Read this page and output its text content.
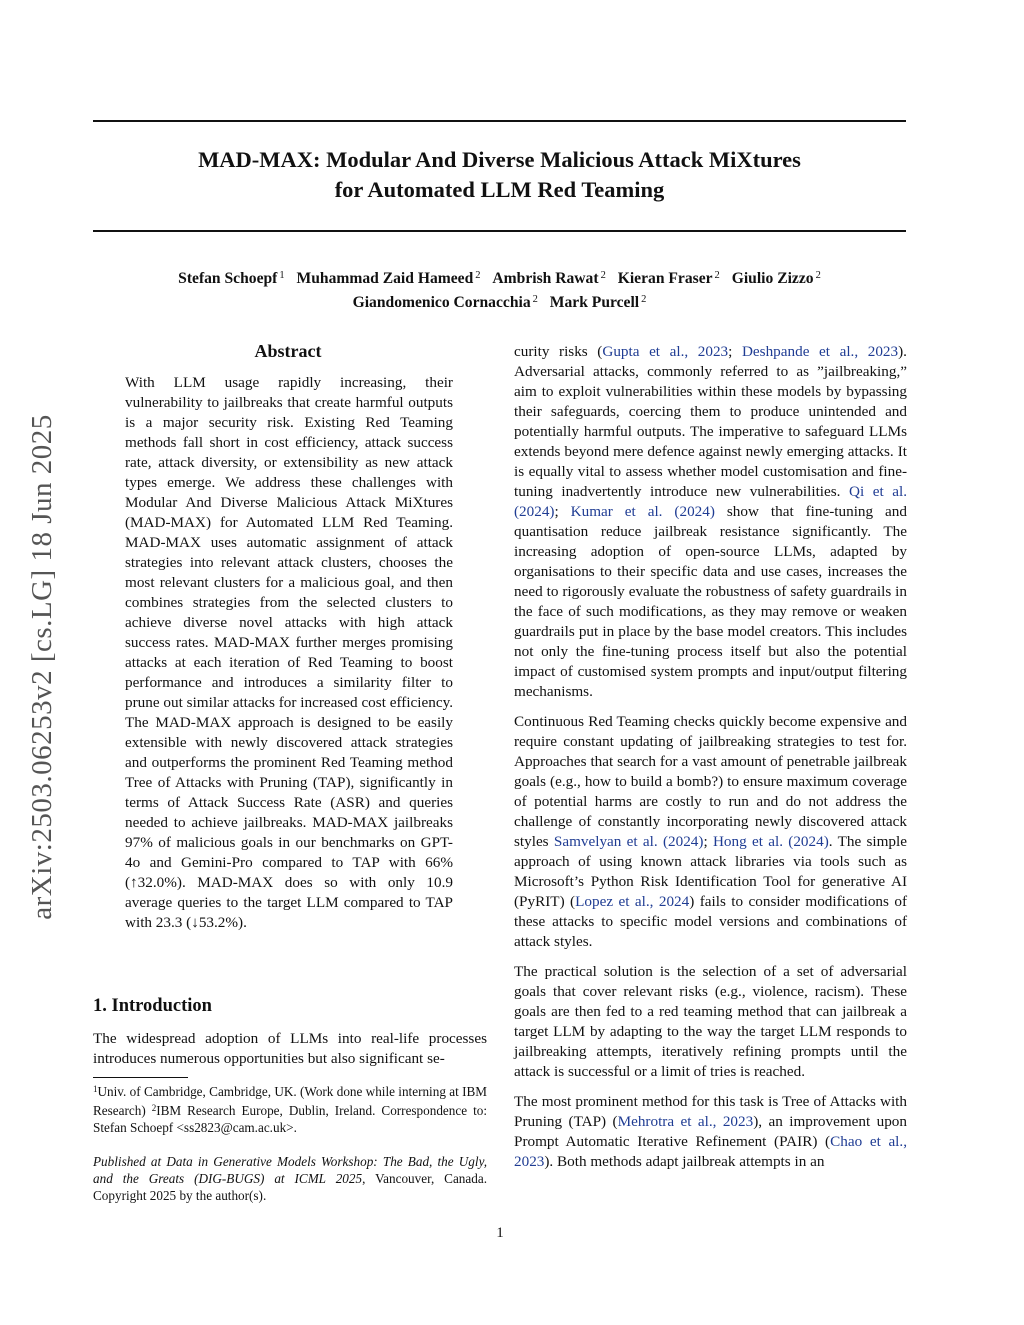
MAD-MAX: Modular And Diverse Malicious Attack MiXtures
for Automated LLM Red Teaming
Stefan Schoepf $^1$ Muhammad Zaid Hameed $^2$ Ambrish Rawat $^2$ Kieran Fraser $^2$ Giulio Zizzo $^2$
Giandomenico Cornacchia $^2$ Mark Purcell $^2$
arXiv:2503.06253v2 [cs.LG] 18 Jun 2025
Abstract

With LLM usage rapidly increasing, their vulnerability to jailbreaks that create harmful outputs is a major security risk. Existing Red Teaming methods fall short in cost efficiency, attack success rate, attack diversity, or extensibility as new attack types emerge. We address these challenges with Modular And Diverse Malicious Attack MiXtures (MAD-MAX) for Automated LLM Red Teaming. MAD-MAX uses automatic assignment of attack strategies into relevant attack clusters, chooses the most relevant clusters for a malicious goal, and then combines strategies from the selected clusters to achieve diverse novel attacks with high attack success rates. MAD-MAX further merges promising attacks at each iteration of Red Teaming to boost performance and introduces a similarity filter to prune out similar attacks for increased cost efficiency. The MAD-MAX approach is designed to be easily extensible with newly discovered attack strategies and outperforms the prominent Red Teaming method Tree of Attacks with Pruning (TAP), significantly in terms of Attack Success Rate (ASR) and queries needed to achieve jailbreaks. MAD-MAX jailbreaks 97% of malicious goals in our benchmarks on GPT-4o and Gemini-Pro compared to TAP with 66% (↑32.0%). MAD-MAX does so with only 10.9 average queries to the target LLM compared to TAP with 23.3 (↓53.2%).

1. Introduction

The widespread adoption of LLMs into real-life processes introduces numerous opportunities but also significant se-

$^1$Univ. of Cambridge, Cambridge, UK. (Work done while interning at IBM Research) $^2$IBM Research Europe, Dublin, Ireland. Correspondence to: Stefan Schoepf <ss2823@cam.ac.uk>.

Published at Data in Generative Models Workshop: The Bad, the Ugly, and the Greats (DIG-BUGS) at ICML 2025, Vancouver, Canada. Copyright 2025 by the author(s).

curity risks (Gupta et al., 2023; Deshpande et al., 2023). Adversarial attacks, commonly referred to as ”jailbreaking,” aim to exploit vulnerabilities within these models by bypassing their safeguards, coercing them to produce unintended and potentially harmful outputs. The imperative to safeguard LLMs extends beyond mere defence against newly emerging attacks. It is equally vital to assess whether model customisation and fine-tuning inadvertently introduce new vulnerabilities. Qi et al. (2024); Kumar et al. (2024) show that fine-tuning and quantisation reduce jailbreak resistance significantly. The increasing adoption of open-source LLMs, adapted by organisations to their specific data and use cases, increases the need to rigorously evaluate the robustness of safety guardrails in the face of such modifications, as they may remove or weaken guardrails put in place by the base model creators. This includes not only the fine-tuning process itself but also the potential impact of customised system prompts and input/output filtering mechanisms.

Continuous Red Teaming checks quickly become expensive and require constant updating of jailbreaking strategies to test for. Approaches that search for a vast amount of penetrable jailbreak goals (e.g., how to build a bomb?) to ensure maximum coverage of potential harms are costly to run and do not address the challenge of constantly incorporating newly discovered attack styles Samvelyan et al. (2024); Hong et al. (2024). The simple approach of using known attack libraries via tools such as Microsoft’s Python Risk Identification Tool for generative AI (PyRIT) (Lopez et al., 2024) fails to consider modifications of these attacks to specific model versions and combinations of attack styles.

The practical solution is the selection of a set of adversarial goals that cover relevant risks (e.g., violence, racism). These goals are then fed to a red teaming method that can jailbreak a target LLM by adapting to the way the target LLM responds to jailbreaking attempts, iteratively refining prompts until the attack is successful or a limit of tries is reached.

The most prominent method for this task is Tree of Attacks with Pruning (TAP) (Mehrotra et al., 2023), an improvement upon Prompt Automatic Iterative Refinement (PAIR) (Chao et al., 2023). Both methods adapt jailbreak attempts in an

1
